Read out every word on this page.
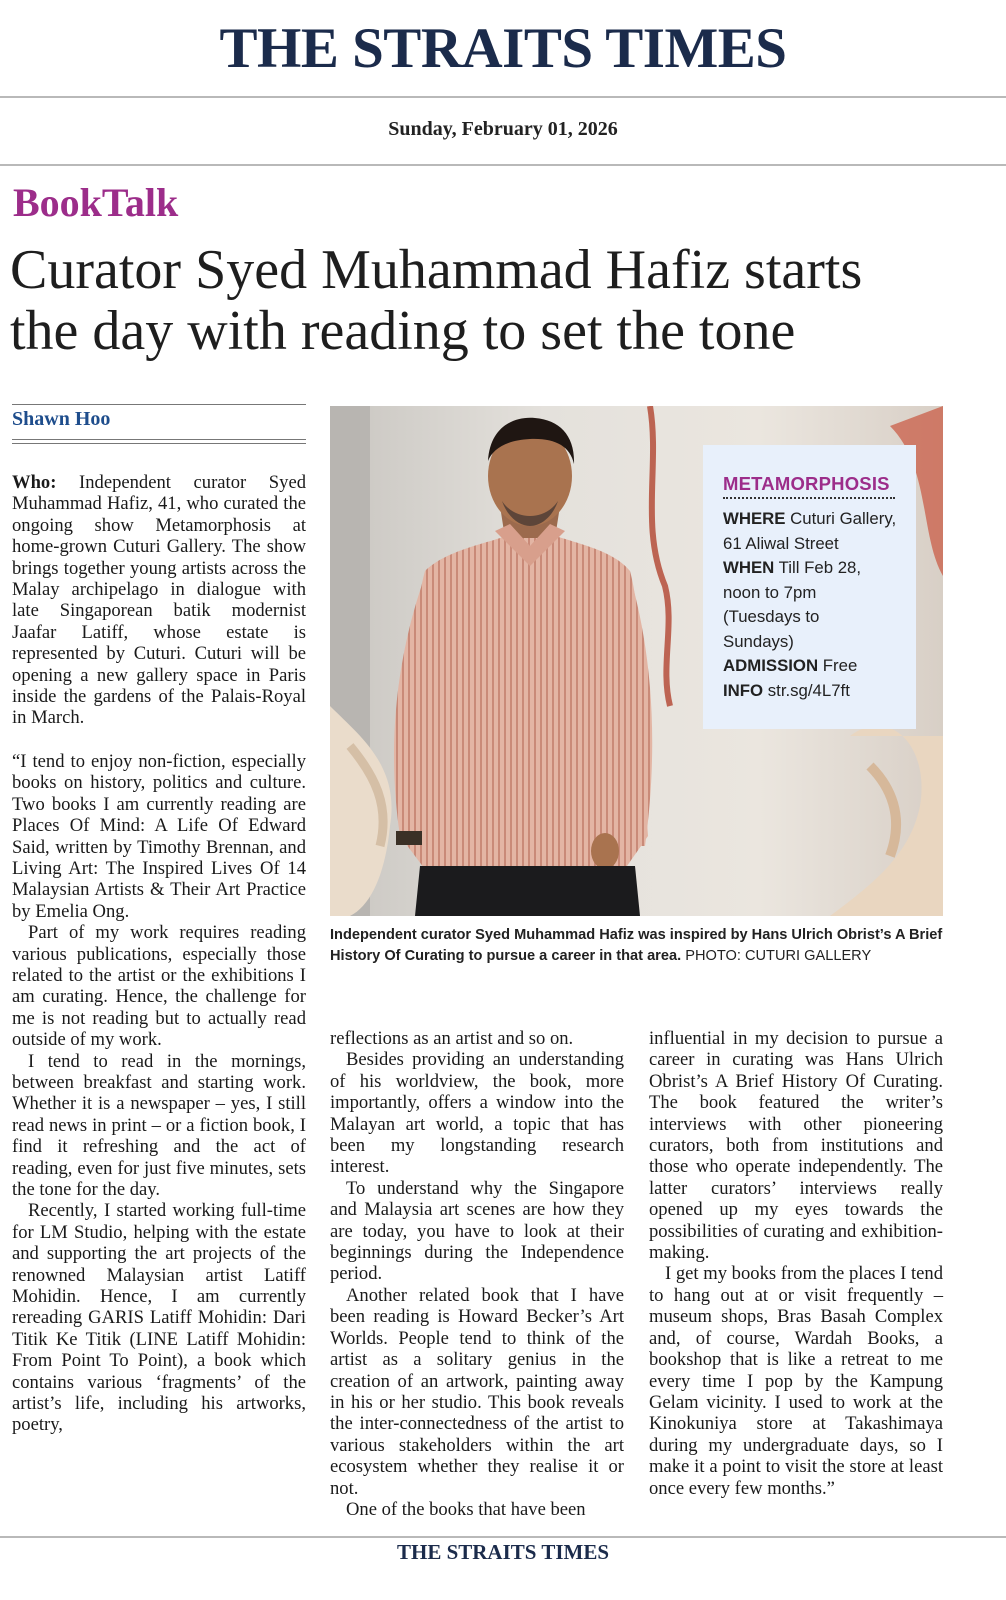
THE STRAITS TIMES
Sunday, February 01, 2026
BookTalk
Curator Syed Muhammad Hafiz starts
the day with reading to set the tone
Shawn Hoo

Who: Independent curator Syed Muhammad Hafiz, 41, who curated the ongoing show Metamorphosis at home-grown Cuturi Gallery. The show brings together young artists across the Malay archipelago in dialogue with late Singaporean batik modernist Jaafar Latiff, whose estate is represented by Cuturi. Cuturi will be opening a new gallery space in Paris inside the gardens of the Palais-Royal in March.

“I tend to enjoy non-fiction, especially books on history, politics and culture. Two books I am currently reading are Places Of Mind: A Life Of Edward Said, written by Timothy Brennan, and Living Art: The Inspired Lives Of 14 Malaysian Artists & Their Art Practice by Emelia Ong.

Part of my work requires reading various publications, especially those related to the artist or the exhibitions I am curating. Hence, the challenge for me is not reading but to actually read outside of my work.

I tend to read in the mornings, between breakfast and starting work. Whether it is a newspaper – yes, I still read news in print – or a fiction book, I find it refreshing and the act of reading, even for just five minutes, sets the tone for the day.

Recently, I started working full-time for LM Studio, helping with the estate and supporting the art projects of the renowned Malaysian artist Latiff Mohidin. Hence, I am currently rereading GARIS Latiff Mohidin: Dari Titik Ke Titik (LINE Latiff Mohidin: From Point To Point), a book which contains various ‘fragments’ of the artist’s life, including his artworks, poetry,

METAMORPHOSIS
WHERE Cuturi Gallery,
61 Aliwal Street
WHEN Till Feb 28,
noon to 7pm
(Tuesdays to
Sundays)
ADMISSION Free
INFO str.sg/4L7ft
Independent curator Syed Muhammad Hafiz was inspired by Hans Ulrich Obrist’s A Brief History Of Curating to pursue a career in that area. PHOTO: CUTURI GALLERY

reflections as an artist and so on.

Besides providing an understanding of his worldview, the book, more importantly, offers a window into the Malayan art world, a topic that has been my longstanding research interest.

To understand why the Singapore and Malaysia art scenes are how they are today, you have to look at their beginnings during the Independence period.

Another related book that I have been reading is Howard Becker’s Art Worlds. People tend to think of the artist as a solitary genius in the creation of an artwork, painting away in his or her studio. This book reveals the inter-connectedness of the artist to various stakeholders within the art ecosystem whether they realise it or not.

One of the books that have been

influential in my decision to pursue a career in curating was Hans Ulrich Obrist’s A Brief History Of Curating. The book featured the writer’s interviews with other pioneering curators, both from institutions and those who operate independently. The latter curators’ interviews really opened up my eyes towards the possibilities of curating and exhibition-making.

I get my books from the places I tend to hang out at or visit frequently – museum shops, Bras Basah Complex and, of course, Wardah Books, a bookshop that is like a retreat to me every time I pop by the Kampung Gelam vicinity. I used to work at the Kinokuniya store at Takashimaya during my undergraduate days, so I make it a point to visit the store at least once every few months.”

THE STRAITS TIMES
